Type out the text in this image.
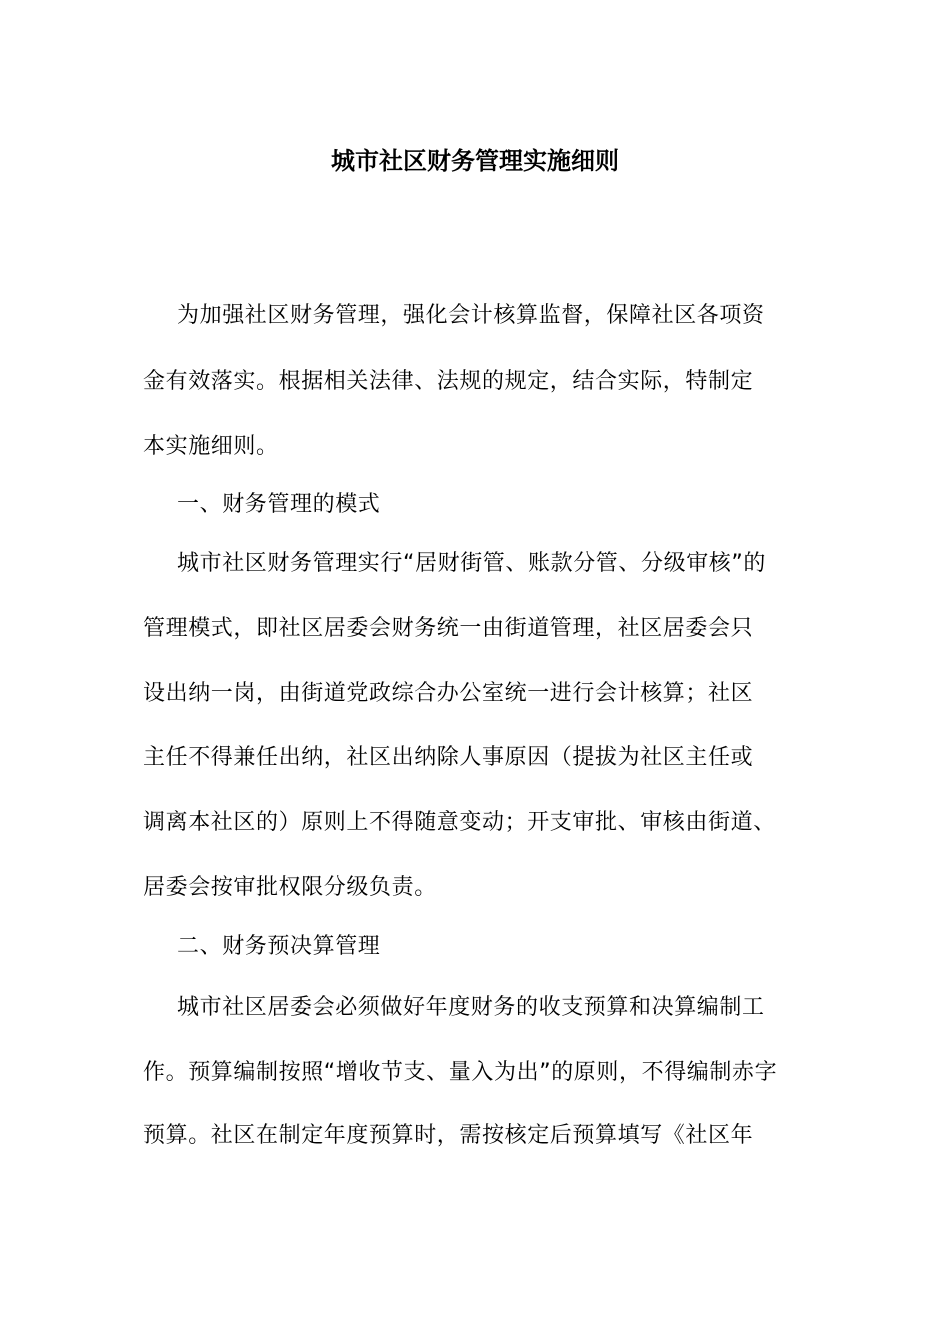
城市社区财务管理实施细则
为加强社区财务管理，强化会计核算监督，保障社区各项资
金有效落实。根据相关法律、法规的规定，结合实际，特制定
本实施细则。
一、财务管理的模式
城市社区财务管理实行“居财街管、账款分管、分级审核”的
管理模式，即社区居委会财务统一由街道管理，社区居委会只
设出纳一岗，由街道党政综合办公室统一进行会计核算；社区
主任不得兼任出纳，社区出纳除人事原因（提拔为社区主任或
调离本社区的）原则上不得随意变动；开支审批、审核由街道、
居委会按审批权限分级负责。
二、财务预决算管理
城市社区居委会必须做好年度财务的收支预算和决算编制工
作。预算编制按照“增收节支、量入为出”的原则，不得编制赤字
预算。社区在制定年度预算时，需按核定后预算填写《社区年
